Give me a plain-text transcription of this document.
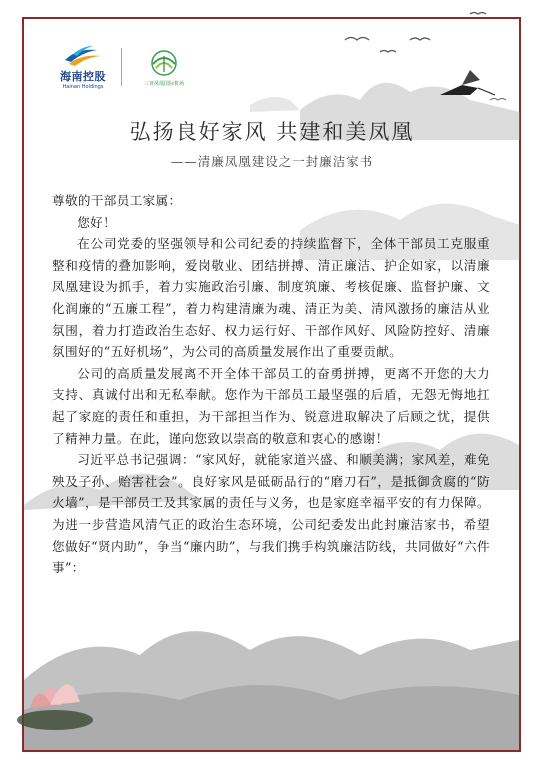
海南控股
Hainan Holdings
三亚凤凰国际机场
弘扬良好家风 共建和美凤凰
——清廉凤凰建设之一封廉洁家书

尊敬的干部员工家属：

您好！

在公司党委的坚强领导和公司纪委的持续监督下，全体干部员工克服重整和疫情的叠加影响，爱岗敬业、团结拼搏、清正廉洁、护企如家，以清廉凤凰建设为抓手，着力实施政治引廉、制度筑廉、考核促廉、监督护廉、文化润廉的“五廉工程”，着力构建清廉为魂、清正为美、清风激扬的廉洁从业氛围，着力打造政治生态好、权力运行好、干部作风好、风险防控好、清廉氛围好的“五好机场”，为公司的高质量发展作出了重要贡献。

公司的高质量发展离不开全体干部员工的奋勇拼搏，更离不开您的大力支持、真诚付出和无私奉献。您作为干部员工最坚强的后盾，无怨无悔地扛起了家庭的责任和重担，为干部担当作为、锐意进取解决了后顾之忧，提供了精神力量。在此，谨向您致以崇高的敬意和衷心的感谢！

习近平总书记强调：“家风好，就能家道兴盛、和顺美满；家风差，难免殃及子孙、贻害社会”。良好家风是砥砺品行的“磨刀石”，是抵御贪腐的“防火墙”，是干部员工及其家属的责任与义务，也是家庭幸福平安的有力保障。为进一步营造风清气正的政治生态环境，公司纪委发出此封廉洁家书，希望您做好“贤内助”，争当“廉内助”，与我们携手构筑廉洁防线，共同做好“六件事”：
